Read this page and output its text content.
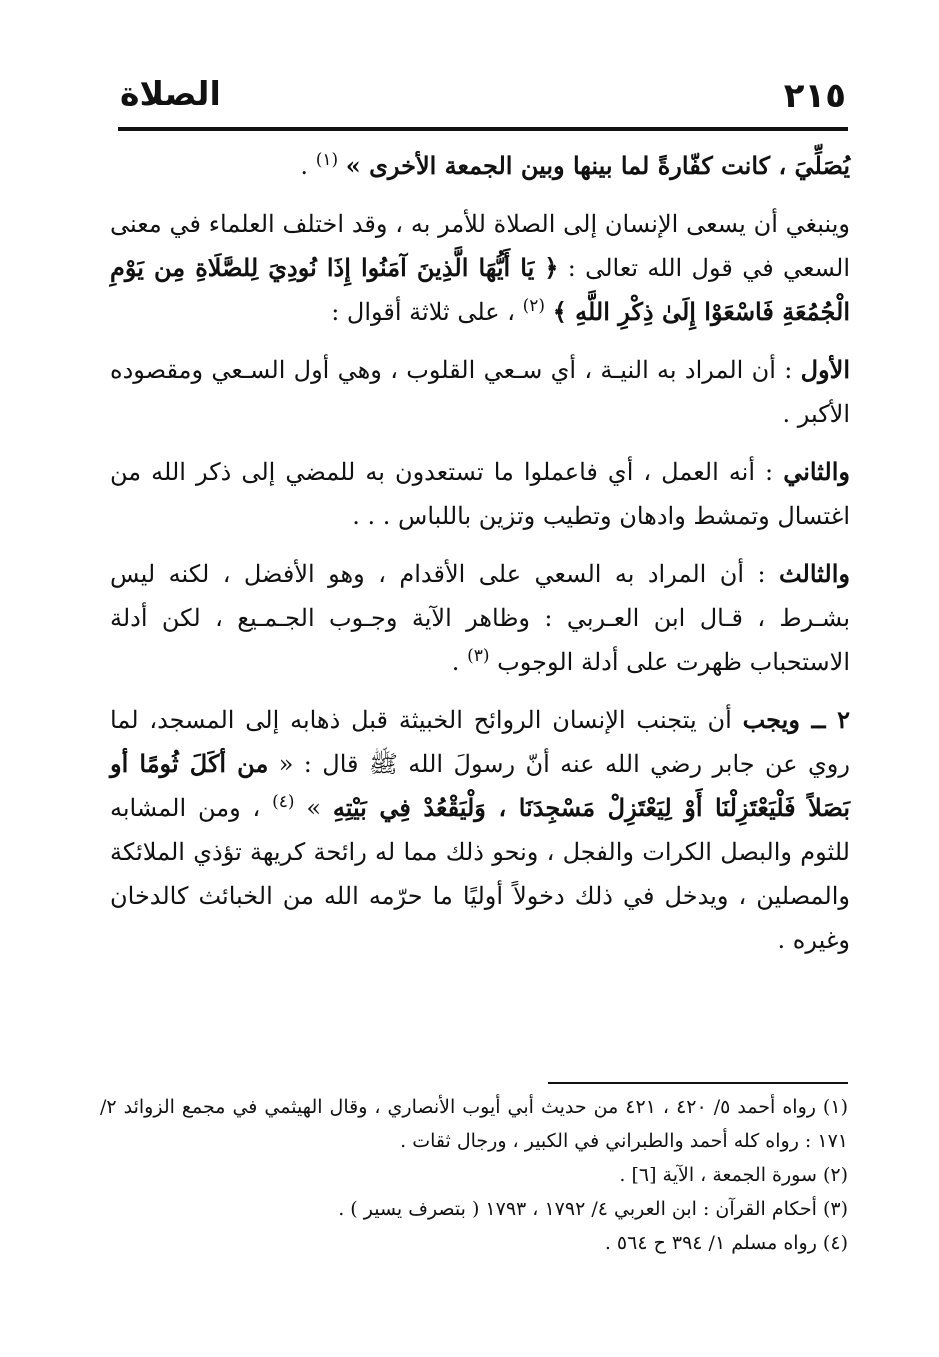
٢١٥
الصلاة

يُصَلِّيَ ، كانت كفّارةً لما بينها وبين الجمعة الأخرى » $^{(١)}$ .

وينبغي أن يسعى الإنسان إلى الصلاة للأمر به ، وقد اختلف العلماء في معنى السعي في قول الله تعالى : ﴿ يَا أَيُّهَا الَّذِينَ آمَنُوا إِذَا نُودِيَ لِلصَّلَاةِ مِن يَوْمِ الْجُمُعَةِ فَاسْعَوْا إِلَىٰ ذِكْرِ اللَّهِ ﴾ $^{(٢)}$ ، على ثلاثة أقوال :

الأول : أن المراد به النيـة ، أي سـعي القلوب ، وهي أول السـعي ومقصوده الأكبر .

والثاني : أنه العمل ، أي فاعملوا ما تستعدون به للمضي إلى ذكر الله من اغتسال وتمشط وادهان وتطيب وتزين باللباس . . .

والثالث : أن المراد به السعي على الأقدام ، وهو الأفضل ، لكنه ليس بشـرط ، قـال ابن العـربي : وظاهر الآية وجـوب الجـمـيع ، لكن أدلة الاستحباب ظهرت على أدلة الوجوب $^{(٣)}$ .

٢ ــ ويجب أن يتجنب الإنسان الروائح الخبيثة قبل ذهابه إلى المسجد، لما روي عن جابر رضي الله عنه أنّ رسولَ الله ﷺ قال : « من أكَلَ ثُومًا أو بَصَلاً فَلْيَعْتَزِلْنَا أَوْ لِيَعْتَزِلْ مَسْجِدَنَا ، وَلْيَقْعُدْ فِي بَيْتِهِ » $^{(٤)}$ ، ومن المشابه للثوم والبصل الكرات والفجل ، ونحو ذلك مما له رائحة كريهة تؤذي الملائكة والمصلين ، ويدخل في ذلك دخولاً أوليًا ما حرّمه الله من الخبائث كالدخان وغيره .

(١) رواه أحمد ٥/ ٤٢٠ ، ٤٢١ من حديث أبي أيوب الأنصاري ، وقال الهيثمي في مجمع الزوائد ٢/ ١٧١ : رواه كله أحمد والطبراني في الكبير ، ورجال ثقات .

(٢) سورة الجمعة ، الآية [٦] .

(٣) أحكام القرآن : ابن العربي ٤/ ١٧٩٢ ، ١٧٩٣ ( بتصرف يسير ) .

(٤) رواه مسلم ١/ ٣٩٤ ح ٥٦٤ .
